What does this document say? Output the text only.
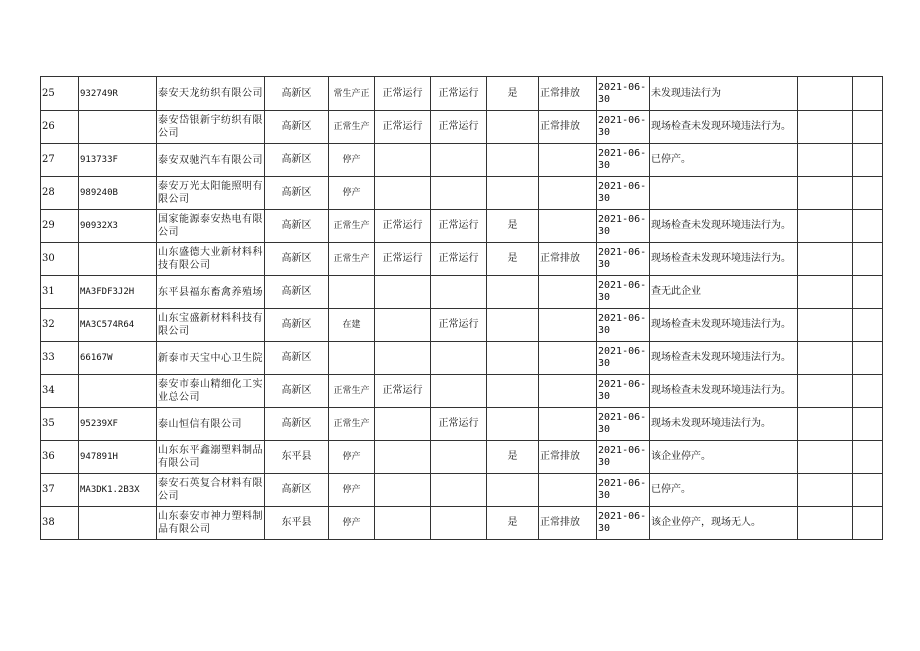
25	932749R	泰安天龙纺织有限公司	高新区	常生产正	正常运行	正常运行	是	正常排放	2021-06-30	未发现违法行为		
26		泰安岱银新宇纺织有限公司	高新区	正常生产	正常运行	正常运行		正常排放	2021-06-30	现场检查未发现环境违法行为。		
27	913733F	泰安双驰汽车有限公司	高新区	停产					2021-06-30	已停产。		
28	989240B	泰安万光太阳能照明有限公司	高新区	停产					2021-06-30			
29	90932X3	国家能源泰安热电有限公司	高新区	正常生产	正常运行	正常运行	是		2021-06-30	现场检查未发现环境违法行为。		
30		山东盛德大业新材料科技有限公司	高新区	正常生产	正常运行	正常运行	是	正常排放	2021-06-30	现场检查未发现环境违法行为。		
31	MA3FDF3J2H	东平县福东畜禽养殖场	高新区						2021-06-30	查无此企业		
32	MA3C574R64	山东宝盛新材料科技有限公司	高新区	在建		正常运行			2021-06-30	现场检查未发现环境违法行为。		
33	66167W	新泰市天宝中心卫生院	高新区						2021-06-30	现场检查未发现环境违法行为。		
34		泰安市泰山精细化工实业总公司	高新区	正常生产	正常运行				2021-06-30	现场检查未发现环境违法行为。		
35	95239XF	泰山恒信有限公司	高新区	正常生产		正常运行			2021-06-30	现场未发现环境违法行为。		
36	947891H	山东东平鑫溺塑料制品有限公司	东平县	停产			是	正常排放	2021-06-30	该企业停产。		
37	MA3DK1.2B3X	泰安石英复合材料有限公司	高新区	停产					2021-06-30	已停产。		
38		山东泰安市神力塑料制品有限公司	东平县	停产			是	正常排放	2021-06-30	该企业停产，现场无人。		
